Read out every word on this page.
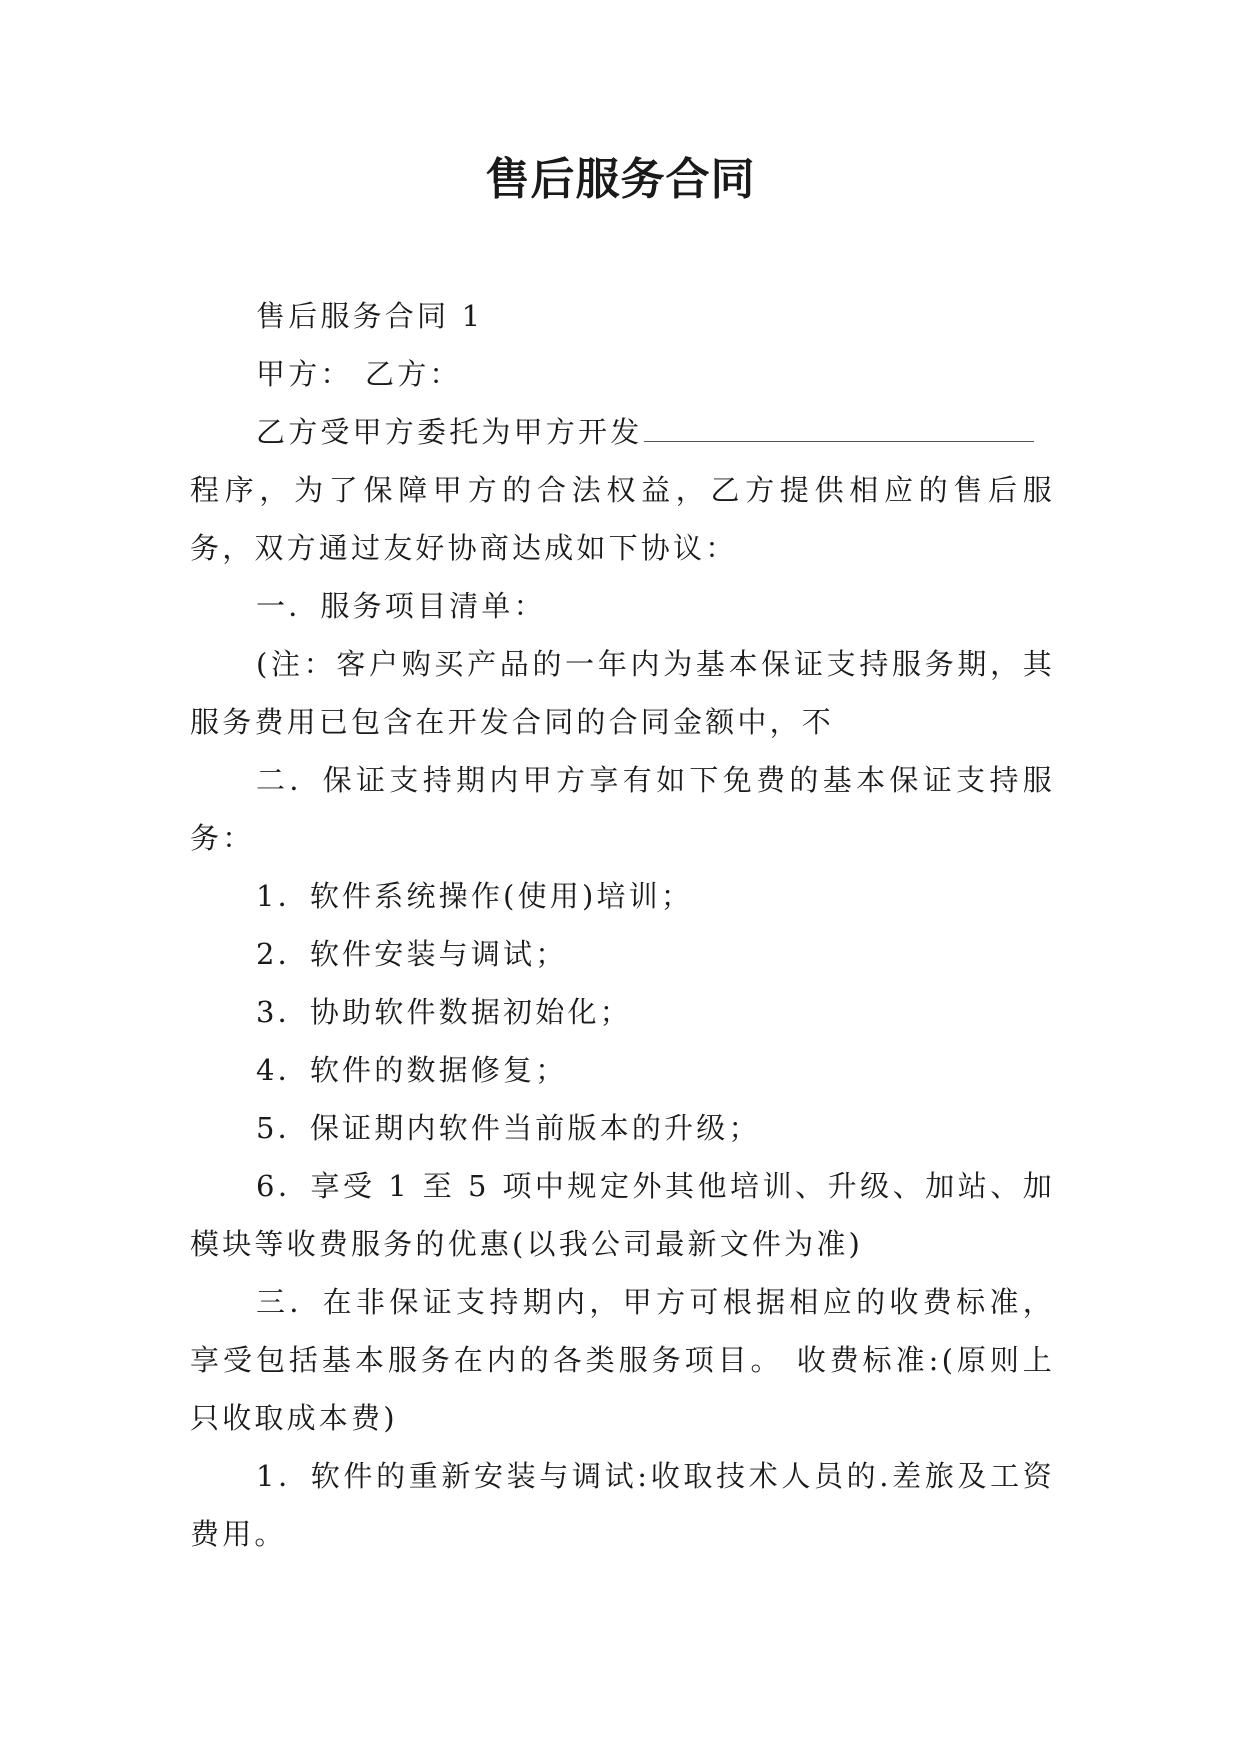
售后服务合同

售后服务合同 1

甲方： 乙方：

乙方受甲方委托为甲方开发
程序，为了保障甲方的合法权益，乙方提供相应的售后服务，双方通过友好协商达成如下协议：

一．服务项目清单：

(注：客户购买产品的一年内为基本保证支持服务期，其服务费用已包含在开发合同的合同金额中，不

二．保证支持期内甲方享有如下免费的基本保证支持服务：

1．软件系统操作(使用)培训；

2．软件安装与调试；

3．协助软件数据初始化；

4．软件的数据修复；

5．保证期内软件当前版本的升级；

6．享受 1 至 5 项中规定外其他培训、升级、加站、加模块等收费服务的优惠(以我公司最新文件为准)

三．在非保证支持期内，甲方可根据相应的收费标准，享受包括基本服务在内的各类服务项目。 收费标准:(原则上只收取成本费)

1．软件的重新安装与调试:收取技术人员的.差旅及工资费用。
